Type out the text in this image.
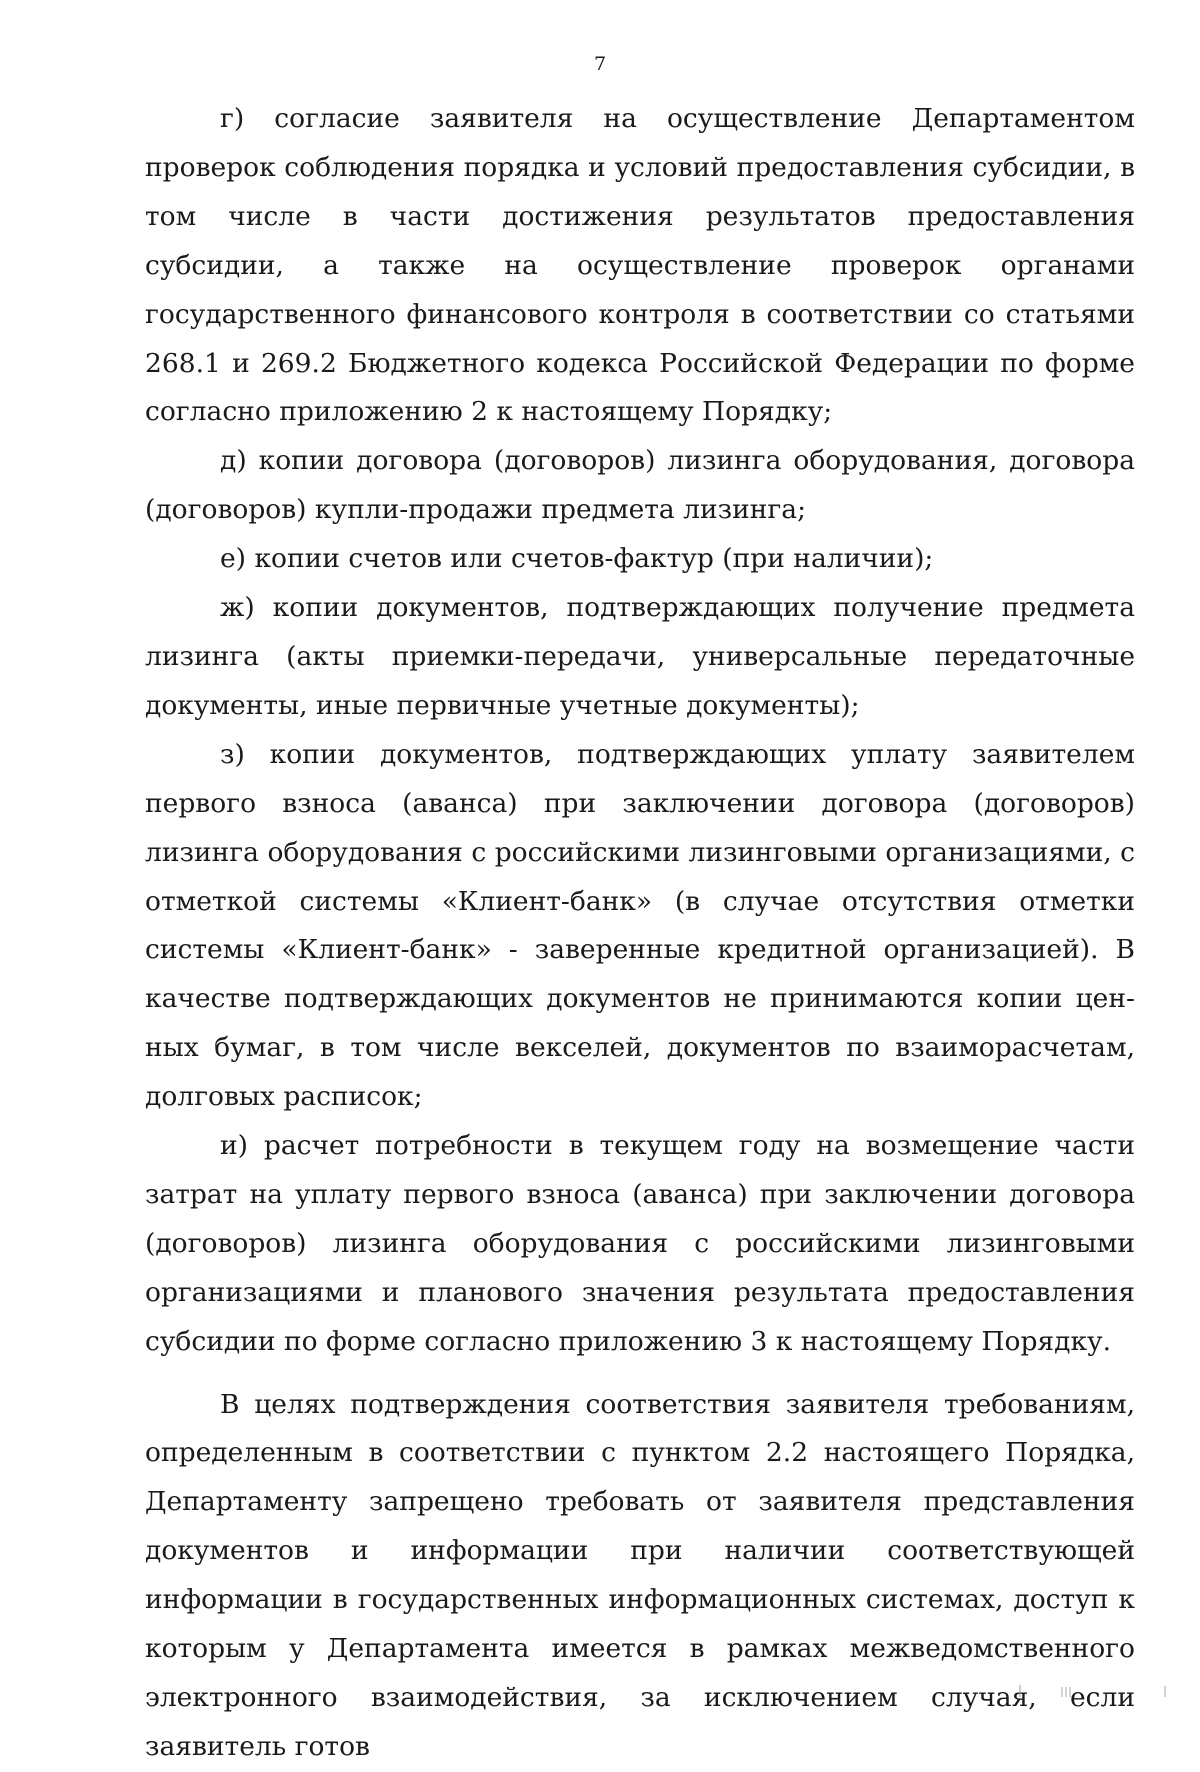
7

г) согласие заявителя на осуществление Департаментом проверок соблюдения порядка и условий предоставления субсидии, в том числе в части достижения результатов предоставления субсидии, а также на осуществление проверок органами государственного финансового контроля в соответствии со статьями 268.1 и 269.2 Бюджетного кодекса Российской Федерации по форме согласно приложению 2 к настоящему Порядку;

д) копии договора (договоров) лизинга оборудования, договора (договоров) купли-продажи предмета лизинга;

е) копии счетов или счетов-фактур (при наличии);

ж) копии документов, подтверждающих получение предмета лизинга (акты приемки-передачи, универсальные передаточные документы, иные первичные учетные документы);

з) копии документов, подтверждающих уплату заявителем первого взноса (аванса) при заключении договора (договоров) лизинга оборудования с российскими лизинговыми организациями, с отметкой системы «Клиент-банк» (в случае отсутствия отметки системы «Клиент-банк» - заверенные кредитной организацией). В качестве подтверждающих документов не принимаются копии ценных бумаг, в том числе векселей, документов по взаиморасчетам, долговых расписок;

и) расчет потребности в текущем году на возмещение части затрат на уплату первого взноса (аванса) при заключении договора (договоров) лизинга оборудования с российскими лизинговыми организациями и планового значения результата предоставления субсидии по форме согласно приложению 3 к настоящему Порядку.

В целях подтверждения соответствия заявителя требованиям, определенным в соответствии с пунктом 2.2 настоящего Порядка, Департаменту запрещено требовать от заявителя представления документов и информации при наличии соответствующей информации в государственных информационных системах, доступ к которым у Департамента имеется в рамках межведомственного электронного взаимодействия, за исключением случая, если заявитель готов
